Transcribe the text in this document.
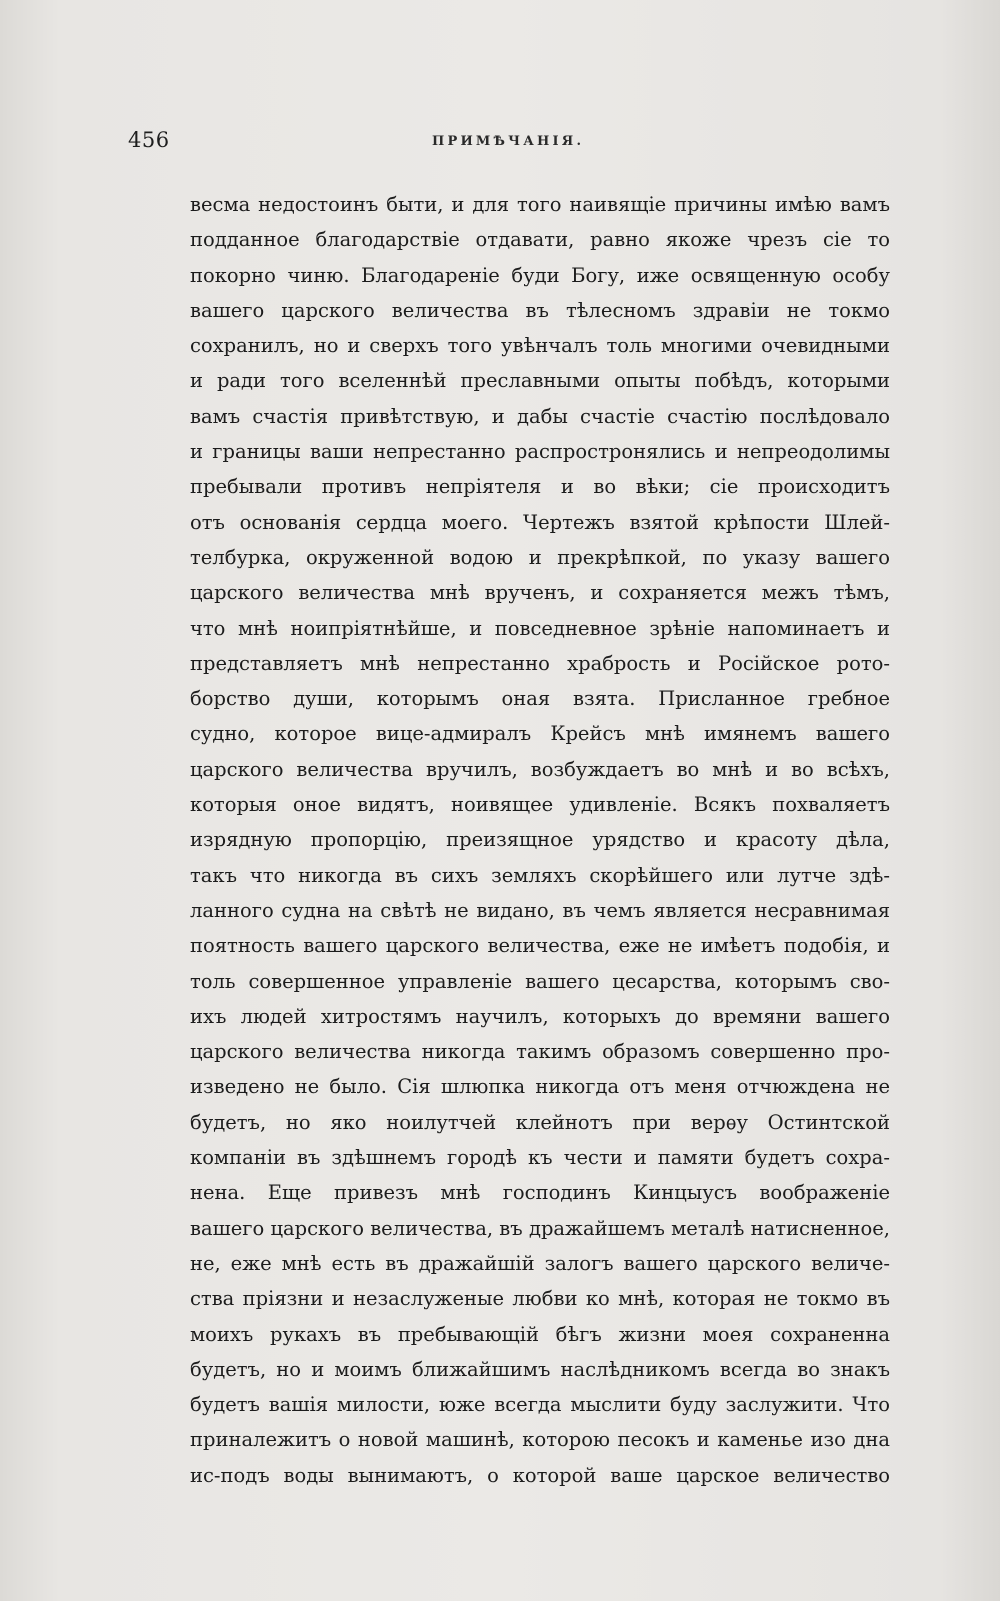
456	ПРИМѢЧАНІЯ.
весма недостоинъ быти, и для того наивящіе причины имѣю вамъ
подданное благодарствіе отдавати, равно якоже чрезъ сіе то
покорно чиню. Благодареніе буди Богу, иже освященную особу
вашего царского величества въ тѣлесномъ здравіи не токмо
сохранилъ, но и сверхъ того увѣнчалъ толь многими очевидными
и ради того вселеннѣй преславными опыты побѣдъ, которыми
вамъ счастія привѣтствую, и дабы счастіе счастію послѣдовало
и границы ваши непрестанно распростронялись и непреодолимы
пребывали противъ непріятеля и во вѣки; сіе происходитъ
отъ основанія сердца моего. Чертежъ взятой крѣпости Шлей-
телбурка, окруженной водою и прекрѣпкой, по указу вашего
царского величества мнѣ врученъ, и сохраняется межъ тѣмъ,
что мнѣ ноипріятнѣйше, и повседневное зрѣніе напоминаетъ и
представляетъ мнѣ непрестанно храбрость и Російское рото-
борство души, которымъ оная взята. Присланное гребное
судно, которое вице-адмиралъ Крейсъ мнѣ имянемъ вашего
царского величества вручилъ, возбуждаетъ во мнѣ и во всѣхъ,
которыя оное видятъ, ноивящее удивленіе. Всякъ похваляетъ
изрядную пропорцію, преизящное урядство и красоту дѣла,
такъ что никогда въ сихъ земляхъ скорѣйшего или лутче здѣ-
ланного судна на свѣтѣ не видано, въ чемъ является несравнимая
поятность вашего царского величества, еже не имѣетъ подобія, и
толь совершенное управленіе вашего цесарства, которымъ сво-
ихъ людей хитростямъ научилъ, которыхъ до времяни вашего
царского величества никогда такимъ образомъ совершенно про-
изведено не было. Сія шлюпка никогда отъ меня отчюждена не
будетъ, но яко ноилутчей клейнотъ при верѳу Остинтской
компаніи въ здѣшнемъ городѣ къ чести и памяти будетъ сохра-
нена. Еще привезъ мнѣ господинъ Кинцыусъ воображеніе
вашего царского величества, въ дражайшемъ металѣ натисненное,
не, еже мнѣ есть въ дражайшій залогъ вашего царского величе-
ства пріязни и незаслуженые любви ко мнѣ, которая не токмо въ
моихъ рукахъ въ пребывающій бѣгъ жизни моея сохраненна
будетъ, но и моимъ ближайшимъ наслѣдникомъ всегда во знакъ
будетъ вашія милости, юже всегда мыслити буду заслужити. Что
приналежитъ о новой машинѣ, которою песокъ и каменье изо дна
ис-подъ воды вынимаютъ, о которой ваше царское величество
